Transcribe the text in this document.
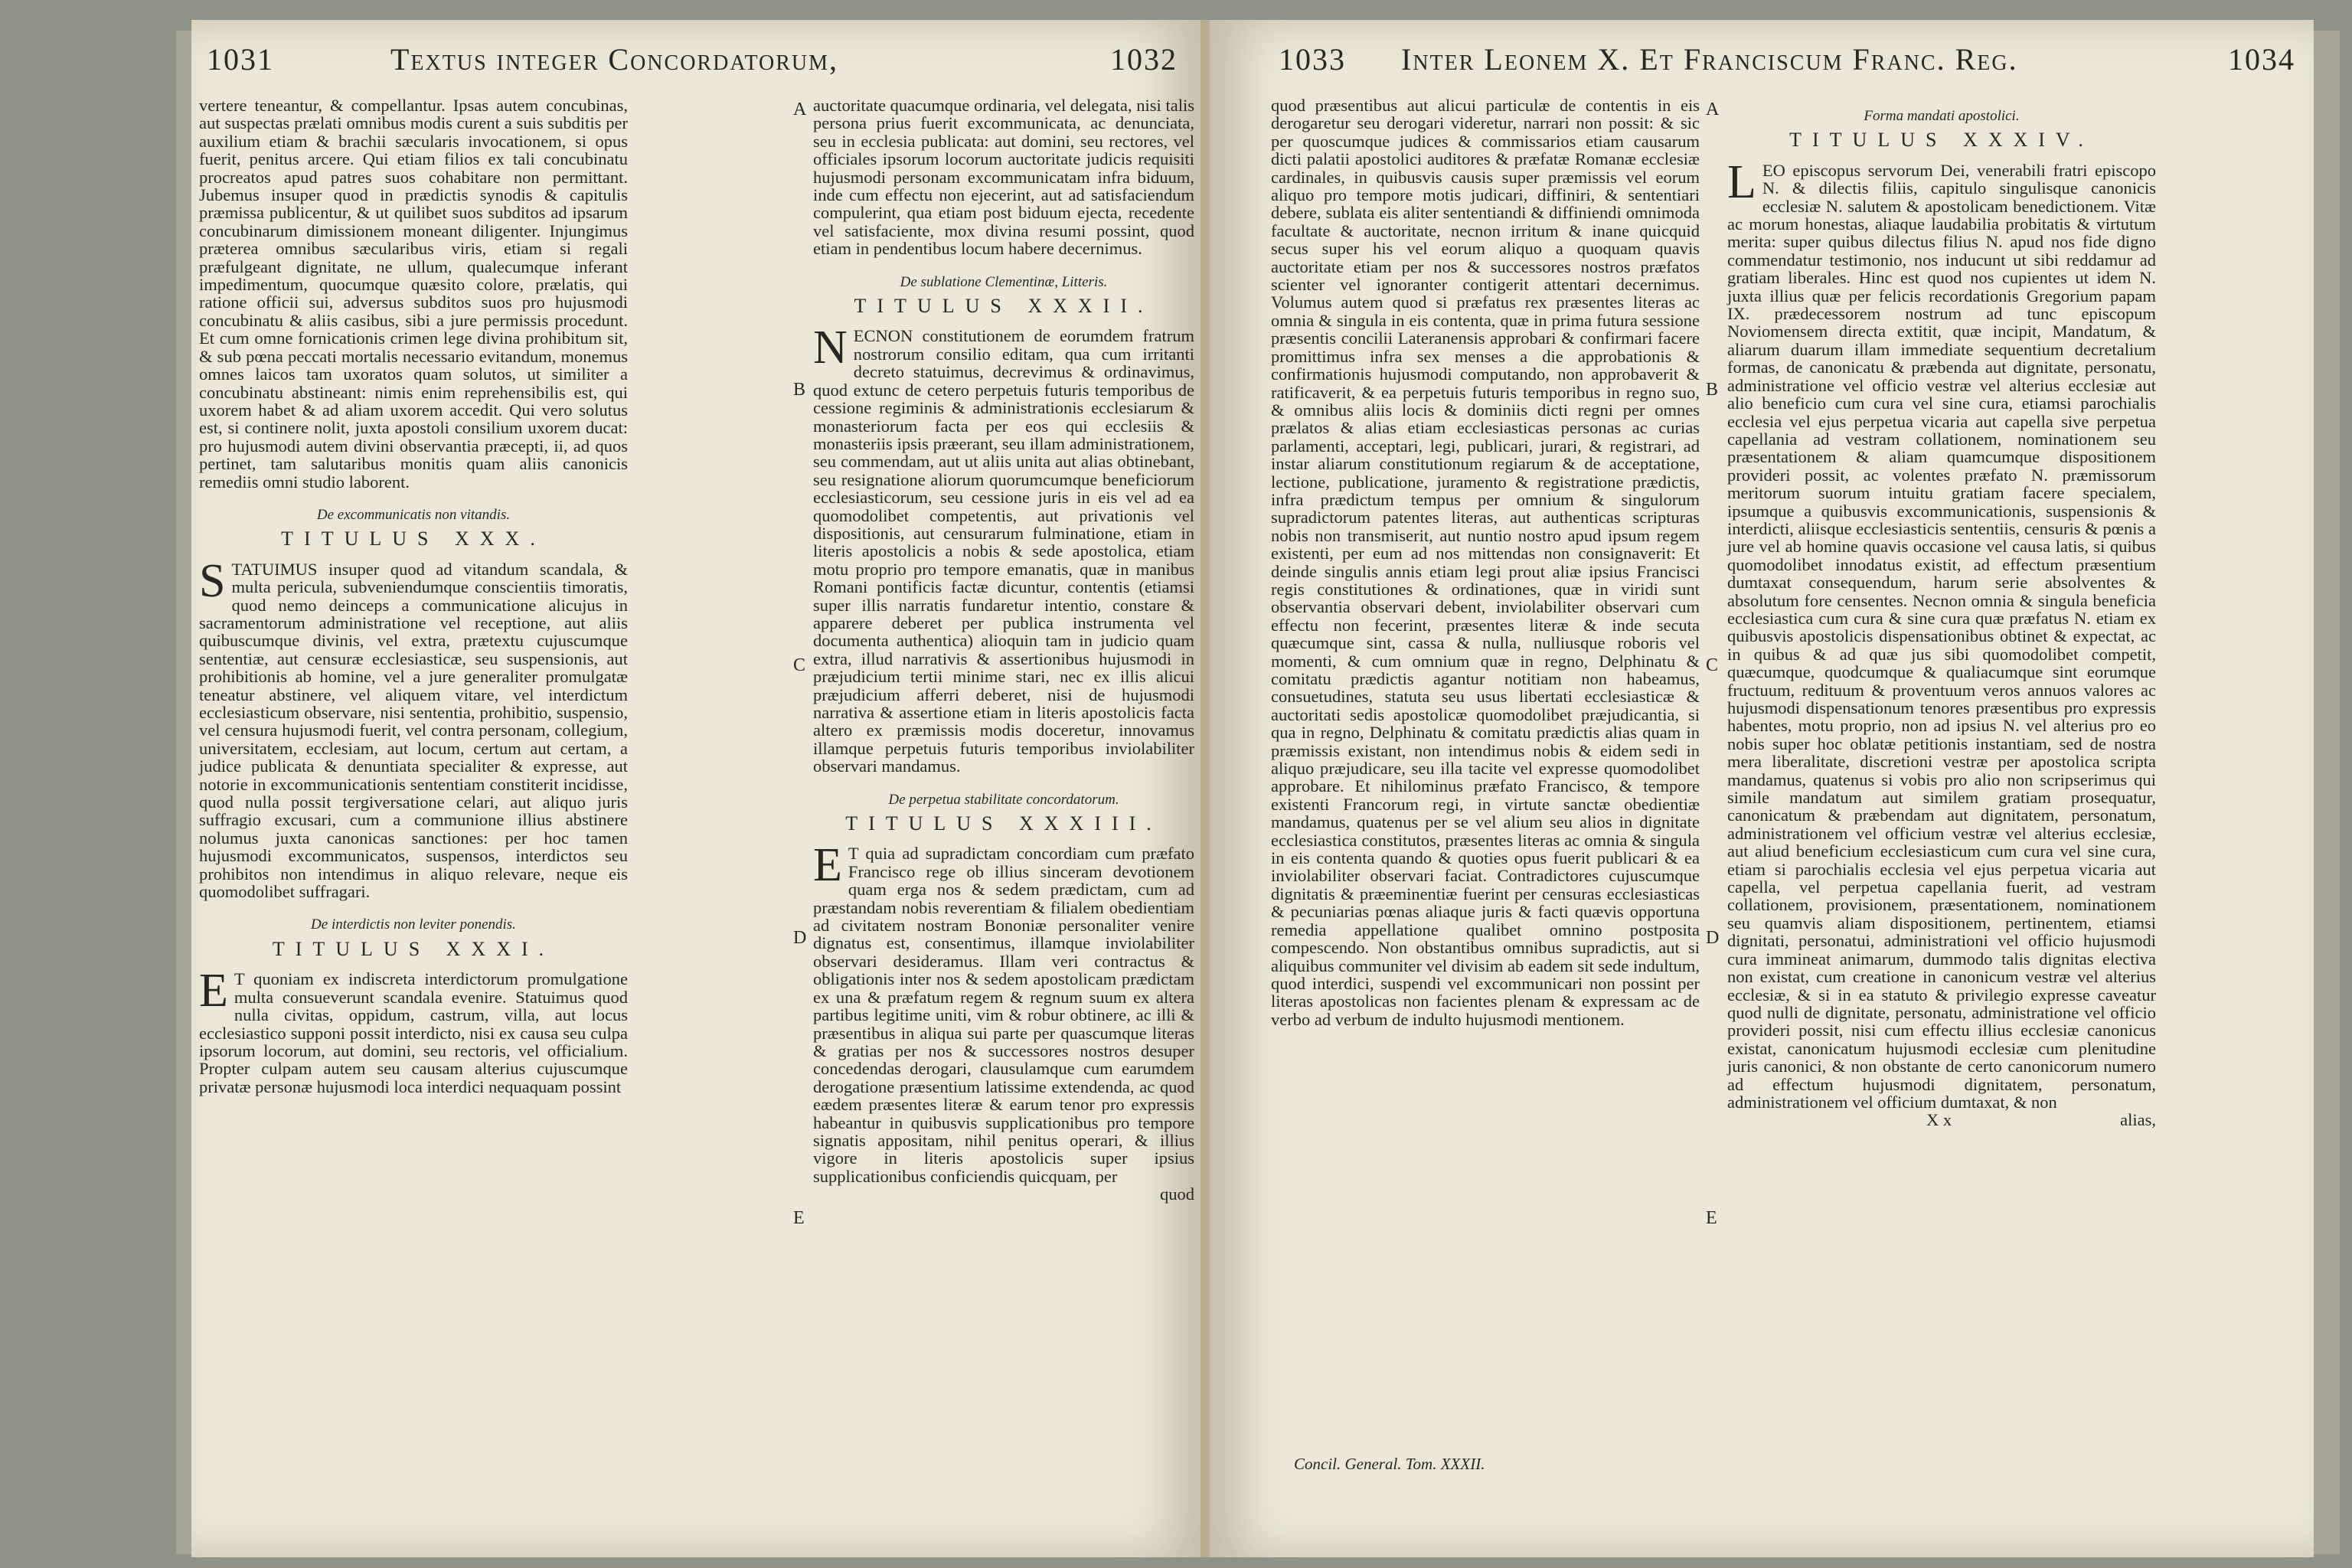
1031	Textus integer Concordatorum,	1032

vertere teneantur, & compellantur. Ipsas autem concubinas, aut suspectas prælati omnibus modis curent a suis subditis per auxilium etiam & brachii sæcularis invocationem, si opus fuerit, penitus arcere. Qui etiam filios ex tali concubinatu procreatos apud patres suos cohabitare non permittant. Jubemus insuper quod in prædictis synodis & capitulis præmissa publicentur, & ut quilibet suos subditos ad ipsarum concubinarum dimissionem moneant diligenter. Injungimus præterea omnibus sæcularibus viris, etiam si regali præfulgeant dignitate, ne ullum, qualecumque inferant impedimentum, quocumque quæsito colore, prælatis, qui ratione officii sui, adversus subditos suos pro hujusmodi concubinatu & aliis casibus, sibi a jure permissis procedunt. Et cum omne fornicationis crimen lege divina prohibitum sit, & sub pœna peccati mortalis necessario evitandum, monemus omnes laicos tam uxoratos quam solutos, ut similiter a concubinatu abstineant: nimis enim reprehensibilis est, qui uxorem habet & ad aliam uxorem accedit. Qui vero solutus est, si continere nolit, juxta apostoli consilium uxorem ducat: pro hujusmodi autem divini observantia præcepti, ii, ad quos pertinet, tam salutaribus monitis quam aliis canonicis remediis omni studio laborent.

De excommunicatis non vitandis.
TITULUS XXX.

STATUIMUS insuper quod ad vitandum scandala, & multa pericula, subveniendumque conscientiis timoratis, quod nemo deinceps a communicatione alicujus in sacramentorum administratione vel receptione, aut aliis quibuscumque divinis, vel extra, prætextu cujuscumque sententiæ, aut censuræ ecclesiasticæ, seu suspensionis, aut prohibitionis ab homine, vel a jure generaliter promulgatæ teneatur abstinere, vel aliquem vitare, vel interdictum ecclesiasticum observare, nisi sententia, prohibitio, suspensio, vel censura hujusmodi fuerit, vel contra personam, collegium, universitatem, ecclesiam, aut locum, certum aut certam, a judice publicata & denuntiata specialiter & expresse, aut notorie in excommunicationis sententiam constiterit incidisse, quod nulla possit tergiversatione celari, aut aliquo juris suffragio excusari, cum a communione illius abstinere nolumus juxta canonicas sanctiones: per hoc tamen hujusmodi excommunicatos, suspensos, interdictos seu prohibitos non intendimus in aliquo relevare, neque eis quomodolibet suffragari.

De interdictis non leviter ponendis.
TITULUS XXXI.

E T quoniam ex indiscreta interdictorum promulgatione multa consueverunt scandala evenire. Statuimus quod nulla civitas, oppidum, castrum, villa, aut locus ecclesiastico supponi possit interdicto, nisi ex causa seu culpa ipsorum locorum, aut domini, seu rectoris, vel officialium. Propter culpam autem seu causam alterius cujuscumque privatæ personæ hujusmodi loca interdici nequaquam possint

A
B
C
D
E

auctoritate quacumque ordinaria, vel delegata, nisi talis persona prius fuerit excommunicata, ac denunciata, seu in ecclesia publicata: aut domini, seu rectores, vel officiales ipsorum locorum auctoritate judicis requisiti hujusmodi personam excommunicatam infra biduum, inde cum effectu non ejecerint, aut ad satisfaciendum compulerint, qua etiam post biduum ejecta, recedente vel satisfaciente, mox divina resumi possint, quod etiam in pendentibus locum habere decernimus.

De sublatione Clementinæ, Litteris.
TITULUS XXXII.

NECNON constitutionem de eorumdem fratrum nostrorum consilio editam, qua cum irritanti decreto statuimus, decrevimus & ordinavimus, quod extunc de cetero perpetuis futuris temporibus de cessione regiminis & administrationis ecclesiarum & monasteriorum facta per eos qui ecclesiis & monasteriis ipsis præerant, seu illam administrationem, seu commendam, aut ut aliis unita aut alias obtinebant, seu resignatione aliorum quorumcumque beneficiorum ecclesiasticorum, seu cessione juris in eis vel ad ea quomodolibet competentis, aut privationis vel dispositionis, aut censurarum fulminatione, etiam in literis apostolicis a nobis & sede apostolica, etiam motu proprio pro tempore emanatis, quæ in manibus Romani pontificis factæ dicuntur, contentis (etiamsi super illis narratis fundaretur intentio, constare & apparere deberet per publica instrumenta vel documenta authentica) alioquin tam in judicio quam extra, illud narrativis & assertionibus hujusmodi in præjudicium tertii minime stari, nec ex illis alicui præjudicium afferri deberet, nisi de hujusmodi narrativa & assertione etiam in literis apostolicis facta altero ex præmissis modis doceretur, innovamus illamque perpetuis futuris temporibus inviolabiliter observari mandamus.

De perpetua stabilitate concordatorum.
TITULUS XXXIII.

E T quia ad supradictam concordiam cum præfato Francisco rege ob illius sinceram devotionem quam erga nos & sedem prædictam, cum ad præstandam nobis reverentiam & filialem obedientiam ad civitatem nostram Bononiæ personaliter venire dignatus est, consentimus, illamque inviolabiliter observari desideramus. Illam veri contractus & obligationis inter nos & sedem apostolicam prædictam ex una & præfatum regem & regnum suum ex altera partibus legitime uniti, vim & robur obtinere, ac illi & præsentibus in aliqua sui parte per quascumque literas & gratias per nos & successores nostros desuper concedendas derogari, clausulamque cum earumdem derogatione præsentium latissime extendenda, ac quod eædem præsentes literæ & earum tenor pro expressis habeantur in quibusvis supplicationibus pro tempore signatis appositam, nihil penitus operari, & illius vigore in literis apostolicis super ipsius supplicationibus conficiendis quicquam, per

quod
1033 Inter Leonem X. Et Franciscum Franc. Reg.	1034

quod præsentibus aut alicui particulæ de contentis in eis derogaretur seu derogari videretur, narrari non possit: & sic per quoscumque judices & commissarios etiam causarum dicti palatii apostolici auditores & præfatæ Romanæ ecclesiæ cardinales, in quibusvis causis super præmissis vel eorum aliquo pro tempore motis judicari, diffiniri, & sententiari debere, sublata eis aliter sententiandi & diffiniendi omnimoda facultate & auctoritate, necnon irritum & inane quicquid secus super his vel eorum aliquo a quoquam quavis auctoritate etiam per nos & successores nostros præfatos scienter vel ignoranter contigerit attentari decernimus. Volumus autem quod si præfatus rex præsentes literas ac omnia & singula in eis contenta, quæ in prima futura sessione præsentis concilii Lateranensis approbari & confirmari facere promittimus infra sex menses a die approbationis & confirmationis hujusmodi computando, non approbaverit & ratificaverit, & ea perpetuis futuris temporibus in regno suo, & omnibus aliis locis & dominiis dicti regni per omnes prælatos & alias etiam ecclesiasticas personas ac curias parlamenti, acceptari, legi, publicari, jurari, & registrari, ad instar aliarum constitutionum regiarum & de acceptatione, lectione, publicatione, juramento & registratione prædictis, infra prædictum tempus per omnium & singulorum supradictorum patentes literas, aut authenticas scripturas nobis non transmiserit, aut nuntio nostro apud ipsum regem existenti, per eum ad nos mittendas non consignaverit: Et deinde singulis annis etiam legi prout aliæ ipsius Francisci regis constitutiones & ordinationes, quæ in viridi sunt observantia observari debent, inviolabiliter observari cum effectu non fecerint, præsentes literæ & inde secuta quæcumque sint, cassa & nulla, nulliusque roboris vel momenti, & cum omnium quæ in regno, Delphinatu & comitatu prædictis agantur notitiam non habeamus, consuetudines, statuta seu usus libertati ecclesiasticæ & auctoritati sedis apostolicæ quomodolibet præjudicantia, si qua in regno, Delphinatu & comitatu prædictis alias quam in præmissis existant, non intendimus nobis & eidem sedi in aliquo præjudicare, seu illa tacite vel expresse quomodolibet approbare. Et nihilominus præfato Francisco, & tempore existenti Francorum regi, in virtute sanctæ obedientiæ mandamus, quatenus per se vel alium seu alios in dignitate ecclesiastica constitutos, præsentes literas ac omnia & singula in eis contenta quando & quoties opus fuerit publicari & ea inviolabiliter observari faciat. Contradictores cujuscumque dignitatis & præeminentiæ fuerint per censuras ecclesiasticas & pecuniarias pœnas aliaque juris & facti quævis opportuna remedia appellatione qualibet omnino postposita compescendo. Non obstantibus omnibus supradictis, aut si aliquibus communiter vel divisim ab eadem sit sede indultum, quod interdici, suspendi vel excommunicari non possint per literas apostolicas non facientes plenam & expressam ac de verbo ad verbum de indulto hujusmodi mentionem.

Concil. General. Tom. XXXII.
A
B
C
D
E
Forma mandati apostolici.
TITULUS XXXIV.

LEO episcopus servorum Dei, venerabili fratri episcopo N. & dilectis filiis, capitulo singulisque canonicis ecclesiæ N. salutem & apostolicam benedictionem. Vitæ ac morum honestas, aliaque laudabilia probitatis & virtutum merita: super quibus dilectus filius N. apud nos fide digno commendatur testimonio, nos inducunt ut sibi reddamur ad gratiam liberales. Hinc est quod nos cupientes ut idem N. juxta illius quæ per felicis recordationis Gregorium papam IX. prædecessorem nostrum ad tunc episcopum Noviomensem directa extitit, quæ incipit, Mandatum, & aliarum duarum illam immediate sequentium decretalium formas, de canonicatu & præbenda aut dignitate, personatu, administratione vel officio vestræ vel alterius ecclesiæ aut alio beneficio cum cura vel sine cura, etiamsi parochialis ecclesia vel ejus perpetua vicaria aut capella sive perpetua capellania ad vestram collationem, nominationem seu præsentationem & aliam quamcumque dispositionem provideri possit, ac volentes præfato N. præmissorum meritorum suorum intuitu gratiam facere specialem, ipsumque a quibusvis excommunicationis, suspensionis & interdicti, aliisque ecclesiasticis sententiis, censuris & pœnis a jure vel ab homine quavis occasione vel causa latis, si quibus quomodolibet innodatus existit, ad effectum præsentium dumtaxat consequendum, harum serie absolventes & absolutum fore censentes. Necnon omnia & singula beneficia ecclesiastica cum cura & sine cura quæ præfatus N. etiam ex quibusvis apostolicis dispensationibus obtinet & expectat, ac in quibus & ad quæ jus sibi quomodolibet competit, quæcumque, quodcumque & qualiacumque sint eorumque fructuum, redituum & proventuum veros annuos valores ac hujusmodi dispensationum tenores præsentibus pro expressis habentes, motu proprio, non ad ipsius N. vel alterius pro eo nobis super hoc oblatæ petitionis instantiam, sed de nostra mera liberalitate, discretioni vestræ per apostolica scripta mandamus, quatenus si vobis pro alio non scripserimus qui simile mandatum aut similem gratiam prosequatur, canonicatum & præbendam aut dignitatem, personatum, administrationem vel officium vestræ vel alterius ecclesiæ, aut aliud beneficium ecclesiasticum cum cura vel sine cura, etiam si parochialis ecclesia vel ejus perpetua vicaria aut capella, vel perpetua capellania fuerit, ad vestram collationem, provisionem, præsentationem, nominationem seu quamvis aliam dispositionem, pertinentem, etiamsi dignitati, personatui, administrationi vel officio hujusmodi cura immineat animarum, dummodo talis dignitas electiva non existat, cum creatione in canonicum vestræ vel alterius ecclesiæ, & si in ea statuto & privilegio expresse caveatur quod nulli de dignitate, personatu, administratione vel officio provideri possit, nisi cum effectu illius ecclesiæ canonicus existat, canonicatum hujusmodi ecclesiæ cum plenitudine juris canonici, & non obstante de certo canonicorum numero ad effectum hujusmodi dignitatem, personatum, administrationem vel officium dumtaxat, & non

X x	alias,
